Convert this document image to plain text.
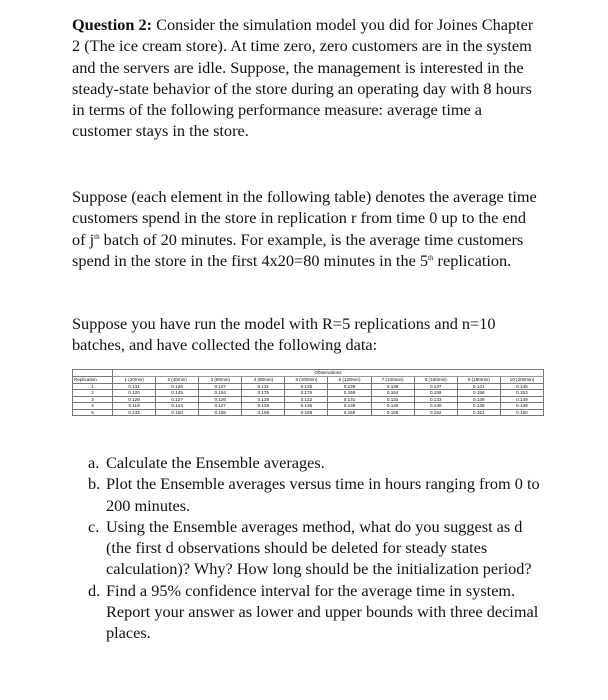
Question 2: Consider the simulation model you did for Joines Chapter 2 (The ice cream store). At time zero, zero customers are in the system and the servers are idle. Suppose, the management is interested in the steady-state behavior of the store during an operating day with 8 hours in terms of the following performance measure: average time a customer stays in the store.

Suppose (each element in the following table) denotes the average time customers spend in the store in replication r from time 0 up to the end of $j^{th}$ batch of 20 minutes. For example, is the average time customers spend in the store in the first 4x20=80 minutes in the 5th replication.

Suppose you have run the model with R=5 replications and n=10 batches, and have collected the following data:

	Observations									
Replication	1 (20min)	2 (40min)	3 (60min)	4 (80min)	5 (100min)	6 (120min)	7 (140min)	8 (160min)	9 (180min)	10 (200min)
1	0.131	0.126	0.127	0.131	0.135	0.136	0.136	0.137	0.141	0.146
2	0.120	0.145	0.164	0.175	0.175	0.169	0.164	0.159	0.156	0.153
3	0.128	0.127	0.126	0.128	0.132	0.131	0.132	0.133	0.139	0.149
4	0.119	0.124	0.127	0.129	0.136	0.139	0.140	0.140	0.138	0.139
5	0.132	0.150	0.156	0.159	0.159	0.158	0.155	0.152	0.151	0.150
a. Calculate the Ensemble averages.
b. Plot the Ensemble averages versus time in hours ranging from 0 to 200 minutes.
c. Using the Ensemble averages method, what do you suggest as d (the first d observations should be deleted for steady states calculation)? Why? How long should be the initialization period?
d. Find a 95% confidence interval for the average time in system. Report your answer as lower and upper bounds with three decimal places.
